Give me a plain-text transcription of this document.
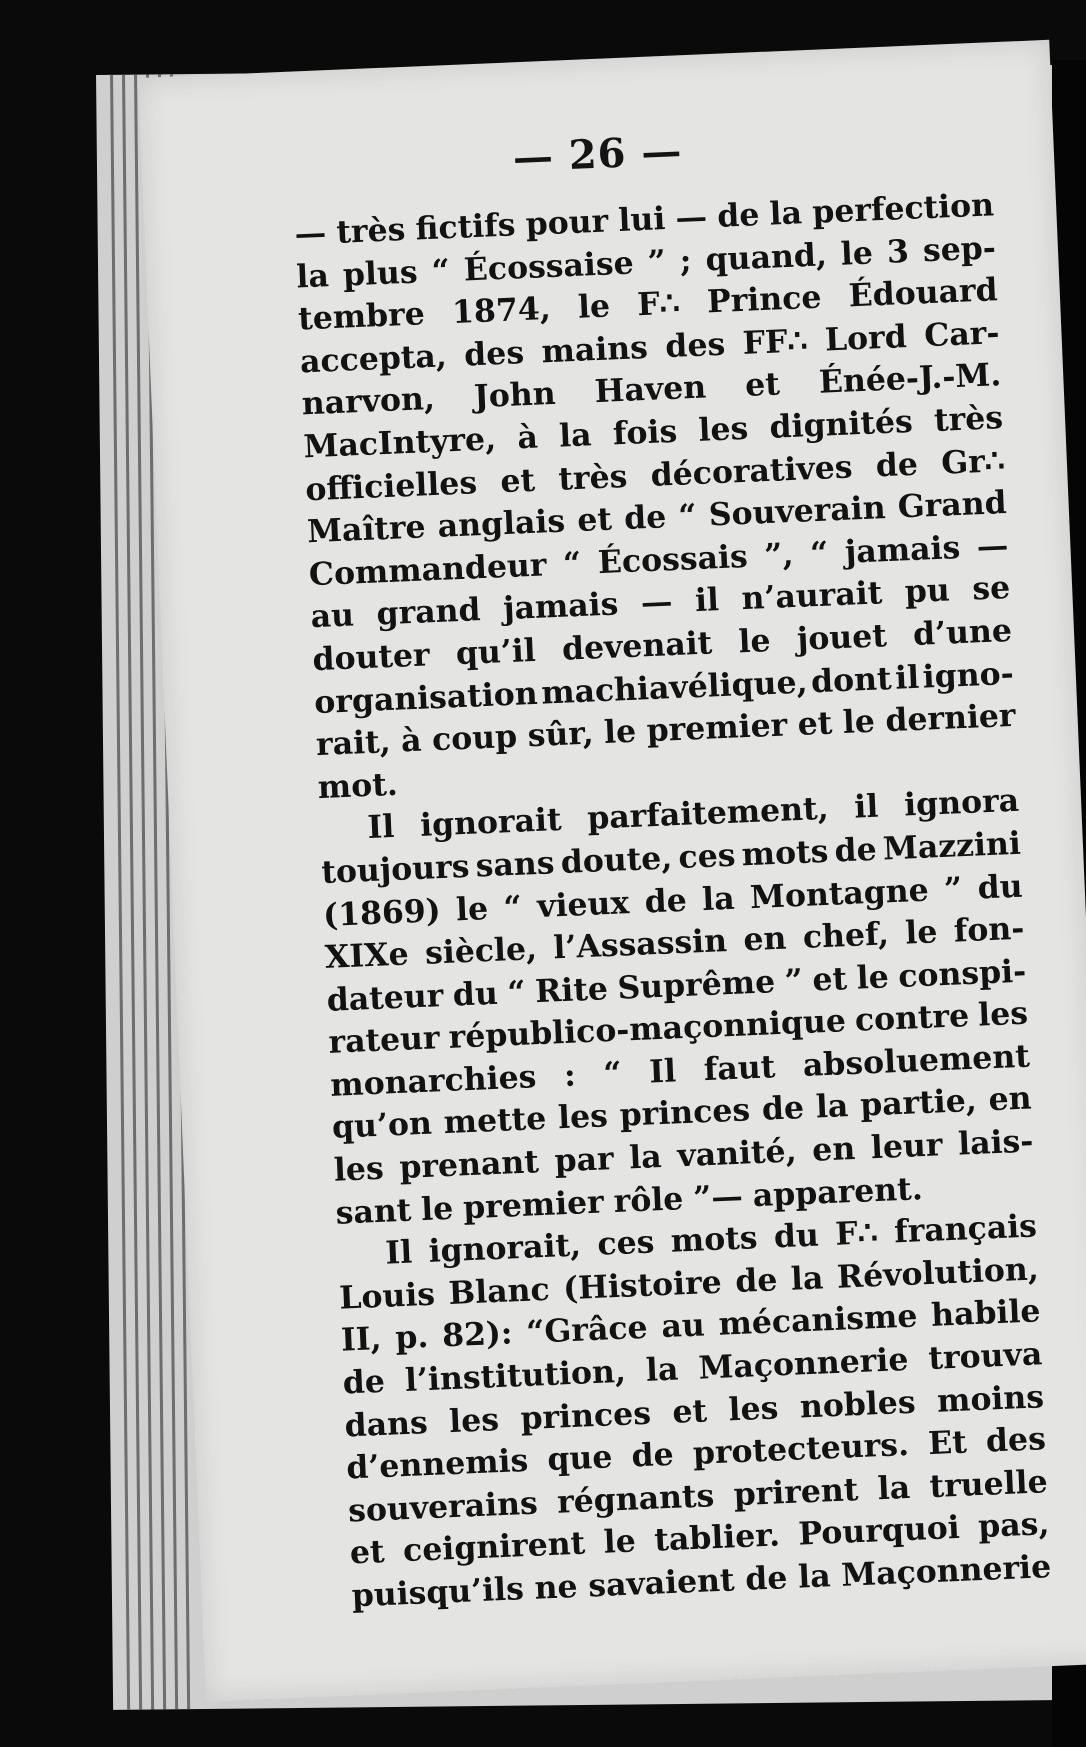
— 26 —
— très fictifs pour lui — de la perfection
la plus “ Écossaise ” ; quand, le 3 sep-
tembre 1874, le F∴ Prince Édouard
accepta, des mains des FF∴ Lord Car-
narvon, John Haven et Énée-J.-M.
MacIntyre, à la fois les dignités très
officielles et très décoratives de Gr∴
Maître anglais et de “ Souverain Grand
Commandeur “ Écossais ”, “ jamais —
au grand jamais — il n’aurait pu se
douter qu’il devenait le jouet d’une
organisation machiavélique, dont il igno-
rait, à coup sûr, le premier et le dernier
mot.
Il ignorait parfaitement, il ignora
toujours sans doute, ces mots de Mazzini
(1869) le “ vieux de la Montagne ” du
XIXe siècle, l’Assassin en chef, le fon-
dateur du “ Rite Suprême ” et le conspi-
rateur républico-maçonnique contre les
monarchies : “ Il faut absoluement
qu’on mette les princes de la partie, en
les prenant par la vanité, en leur lais-
sant le premier rôle ”— apparent.
Il ignorait, ces mots du F∴ français
Louis Blanc (Histoire de la Révolution,
II, p. 82): “Grâce au mécanisme habile
de l’institution, la Maçonnerie trouva
dans les princes et les nobles moins
d’ennemis que de protecteurs. Et des
souverains régnants prirent la truelle
et ceignirent le tablier. Pourquoi pas,
puisqu’ils ne savaient de la Maçonnerie
